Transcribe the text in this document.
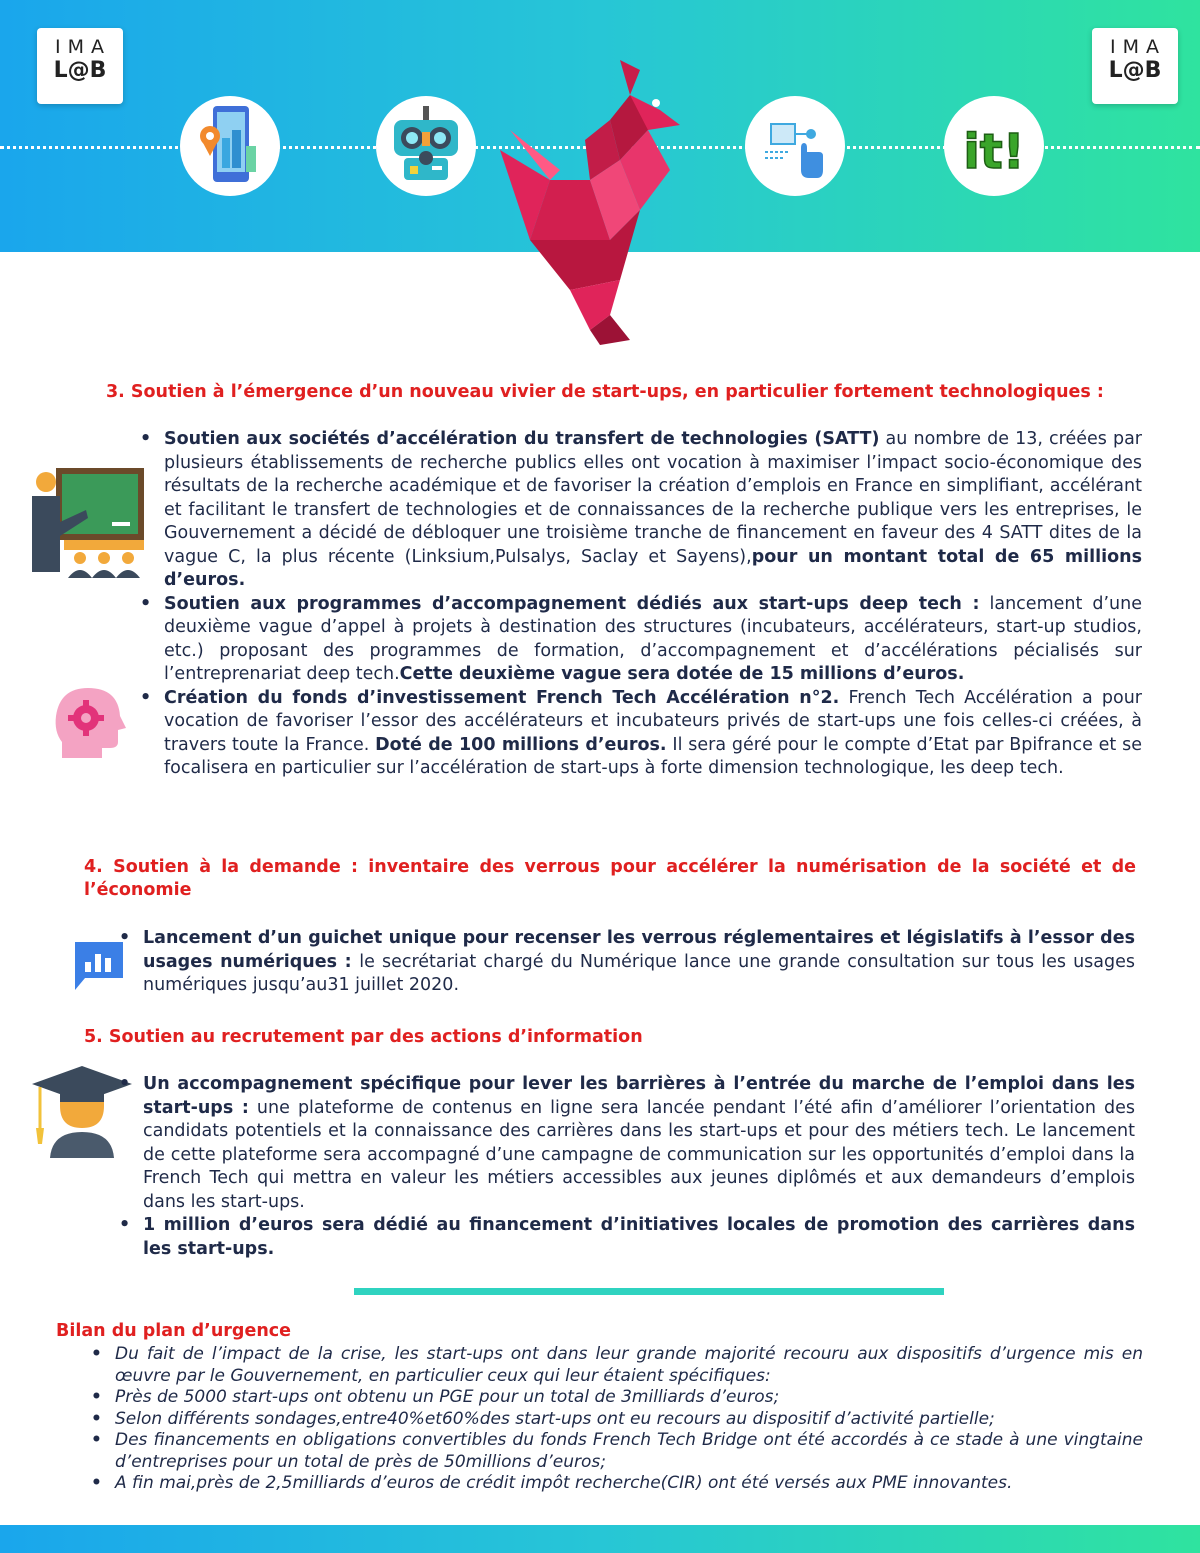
IMA
L@B
IMA
L@B
it!

3. Soutien à l’émergence d’un nouveau vivier de start-ups, en particulier fortement technologiques :

• Soutien aux sociétés d’accélération du transfert de technologies (SATT) au nombre de 13, créées par plusieurs établissements de recherche publics elles ont vocation à maximiser l’impact socio-économique des résultats de la recherche académique et de favoriser la création d’emplois en France en simplifiant, accélérant et facilitant le transfert de technologies et de connaissances de la recherche publique vers les entreprises, le Gouvernement a décidé de débloquer une troisième tranche de financement en faveur des 4 SATT dites de la vague C, la plus récente (Linksium,Pulsalys, Saclay et Sayens),pour un montant total de 65 millions d’euros.
• Soutien aux programmes d’accompagnement dédiés aux start-ups deep tech : lancement d’une deuxième vague d’appel à projets à destination des structures (incubateurs, accélérateurs, start-up studios, etc.) proposant des programmes de formation, d’accompagnement et d’accélérations pécialisés sur l’entreprenariat deep tech.Cette deuxième vague sera dotée de 15 millions d’euros.
• Création du fonds d’investissement French Tech Accélération n°2. French Tech Accélération a pour vocation de favoriser l’essor des accélérateurs et incubateurs privés de start-ups une fois celles-ci créées, à travers toute la France. Doté de 100 millions d’euros. Il sera géré pour le compte d’Etat par Bpifrance et se focalisera en particulier sur l’accélération de start-ups à forte dimension technologique, les deep tech.

4. Soutien à la demande : inventaire des verrous pour accélérer la numérisation de la société et de l’économie

• Lancement d’un guichet unique pour recenser les verrous réglementaires et législatifs à l’essor des usages numériques : le secrétariat chargé du Numérique lance une grande consultation sur tous les usages numériques jusqu’au31 juillet 2020.

5. Soutien au recrutement par des actions d’information

• Un accompagnement spécifique pour lever les barrières à l’entrée du marche de l’emploi dans les start-ups : une plateforme de contenus en ligne sera lancée pendant l’été afin d’améliorer l’orientation des candidats potentiels et la connaissance des carrières dans les start-ups et pour des métiers tech. Le lancement de cette plateforme sera accompagné d’une campagne de communication sur les opportunités d’emploi dans la French Tech qui mettra en valeur les métiers accessibles aux jeunes diplômés et aux demandeurs d’emplois dans les start-ups.
• 1 million d’euros sera dédié au financement d’initiatives locales de promotion des carrières dans les start-ups.

Bilan du plan d’urgence

• Du fait de l’impact de la crise, les start-ups ont dans leur grande majorité recouru aux dispositifs d’urgence mis en œuvre par le Gouvernement, en particulier ceux qui leur étaient spécifiques:
• Près de 5000 start-ups ont obtenu un PGE pour un total de 3milliards d’euros;
• Selon différents sondages,entre40%et60%des start-ups ont eu recours au dispositif d’activité partielle;
• Des financements en obligations convertibles du fonds French Tech Bridge ont été accordés à ce stade à une vingtaine d’entreprises pour un total de près de 50millions d’euros;
• A fin mai,près de 2,5milliards d’euros de crédit impôt recherche(CIR) ont été versés aux PME innovantes.
